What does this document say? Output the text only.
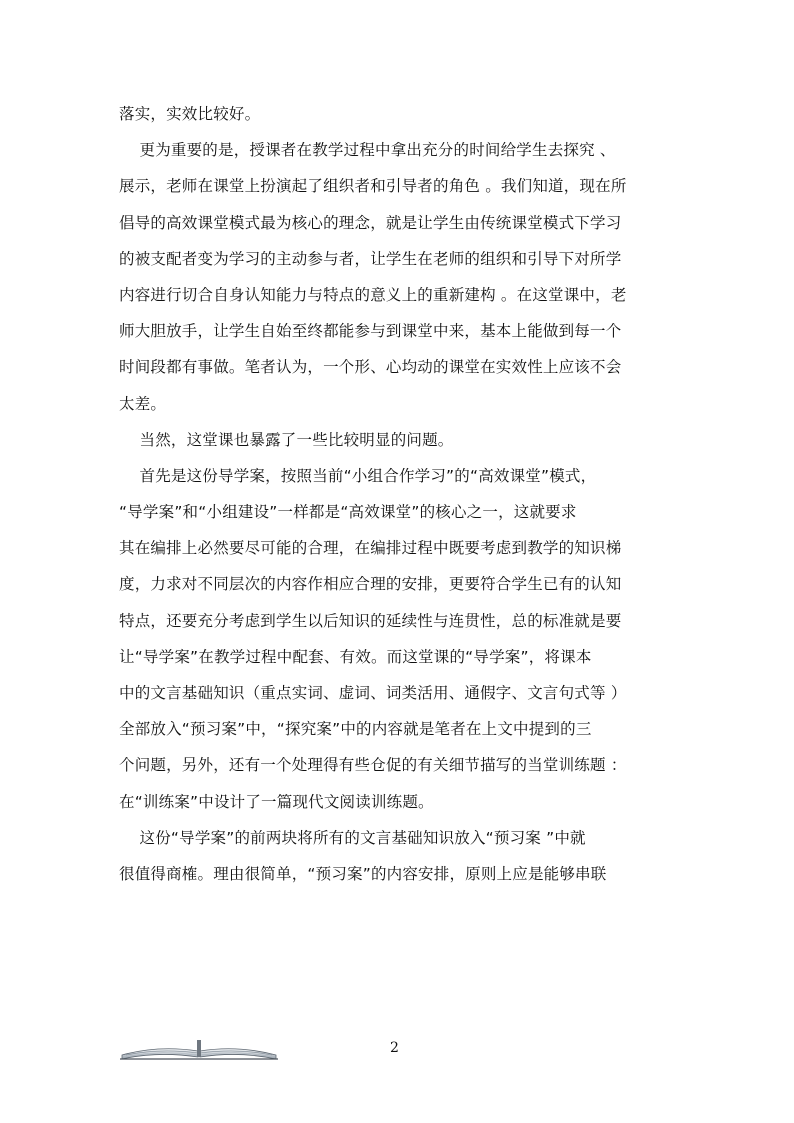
落实，实效比较好。
更为重要的是，授课者在教学过程中拿出充分的时间给学生去探究 、
展示，老师在课堂上扮演起了组织者和引导者的角色 。我们知道，现在所
倡导的高效课堂模式最为核心的理念，就是让学生由传统课堂模式下学习
的被支配者变为学习的主动参与者，让学生在老师的组织和引导下对所学
内容进行切合自身认知能力与特点的意义上的重新建构 。在这堂课中，老
师大胆放手，让学生自始至终都能参与到课堂中来，基本上能做到每一个
时间段都有事做。笔者认为，一个形、心均动的课堂在实效性上应该不会
太差。
当然，这堂课也暴露了一些比较明显的问题。
首先是这份导学案，按照当前“小组合作学习”的“高效课堂”模式，
“导学案”和“小组建设”一样都是“高效课堂”的核心之一，这就要求
其在编排上必然要尽可能的合理，在编排过程中既要考虑到教学的知识梯
度，力求对不同层次的内容作相应合理的安排，更要符合学生已有的认知
特点，还要充分考虑到学生以后知识的延续性与连贯性，总的标准就是要
让“导学案”在教学过程中配套、有效。而这堂课的“导学案”，将课本
中的文言基础知识（重点实词、虚词、词类活用、通假字、文言句式等 ）
全部放入“预习案”中，“探究案”中的内容就是笔者在上文中提到的三
个问题，另外，还有一个处理得有些仓促的有关细节描写的当堂训练题 ：
在“训练案”中设计了一篇现代文阅读训练题。
这份“导学案”的前两块将所有的文言基础知识放入“预习案 ”中就
很值得商榷。理由很简单，“预习案”的内容安排，原则上应是能够串联
2
